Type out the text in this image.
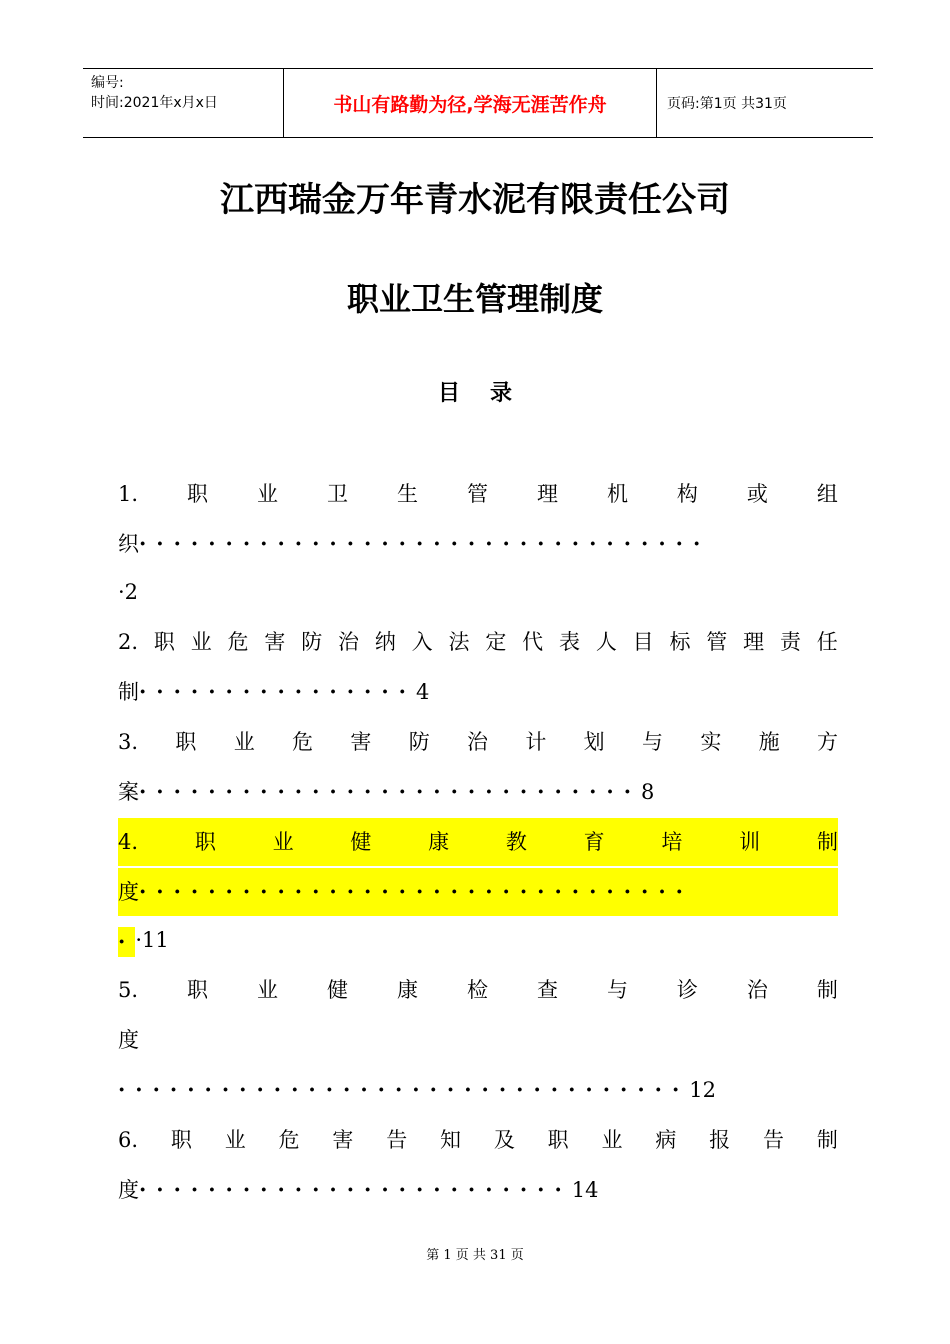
编号:
时间:2021年x月x日	书山有路勤为径,学海无涯苦作舟	页码:第1页 共31页
江西瑞金万年青水泥有限责任公司
职业卫生管理制度
目录
1. 职 业 卫 生 管 理 机 构 或 组
织·································
·2
2. 职 业 危 害 防 治 纳 入 法 定 代 表 人 目 标 管 理 责 任
制················4
3. 职 业 危 害 防 治 计 划 与 实 施 方
案·····························8
4.	职	业	健	康	教	育	培	训	制
度································
··11
5. 职 业 健 康 检 查 与 诊 治 制
度
·································12
6. 职 业 危 害 告 知 及 职 业 病 报 告 制
度·························14
第 1 页 共 31 页
